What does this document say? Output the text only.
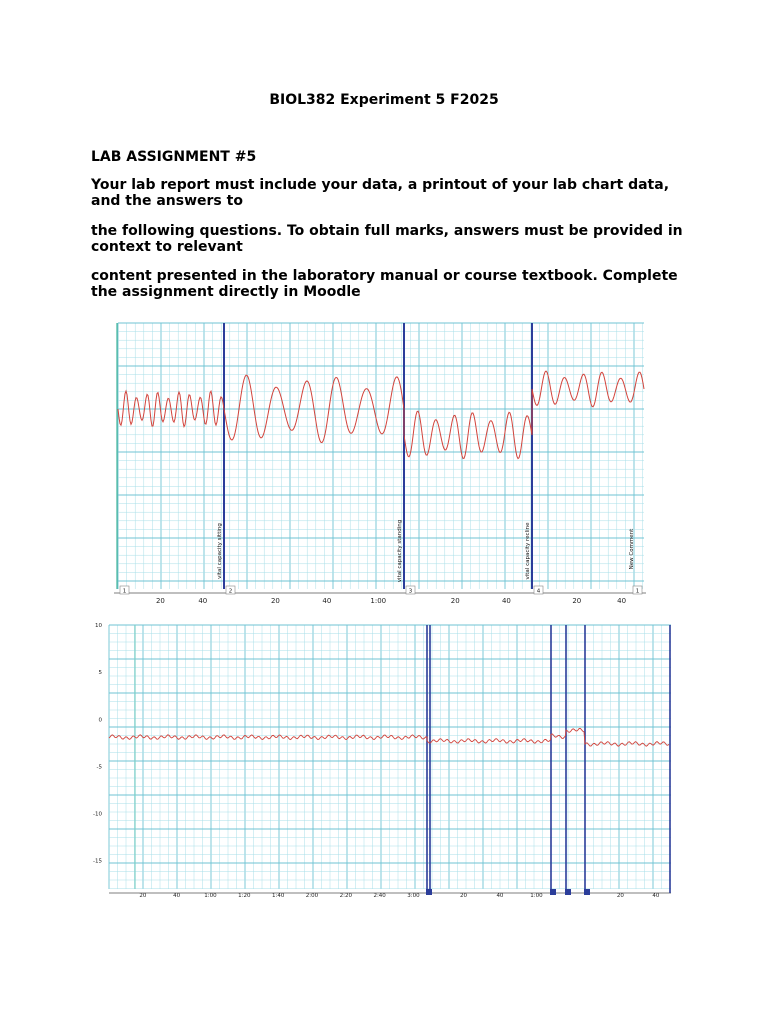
BIOL382 Experiment 5 F2025
LAB ASSIGNMENT #5
Your lab report must include your data, a printout of your lab chart data, and the answers to
the following questions. To obtain full marks, answers must be provided in context to relevant
content presented in the laboratory manual or course textbook. Complete the assignment directly in Moodle
1
20	40
vital capacity sitting
2
20	40	1:00
vital capacity standing
3
20	40
vital capacity recline
4
20	40
New Comment
1
10
5
0
-5
-10
-15
20	40	1:00	1:20	1:40	2:00	2:20	2:40	3:00	20	40	1:00	20	40
